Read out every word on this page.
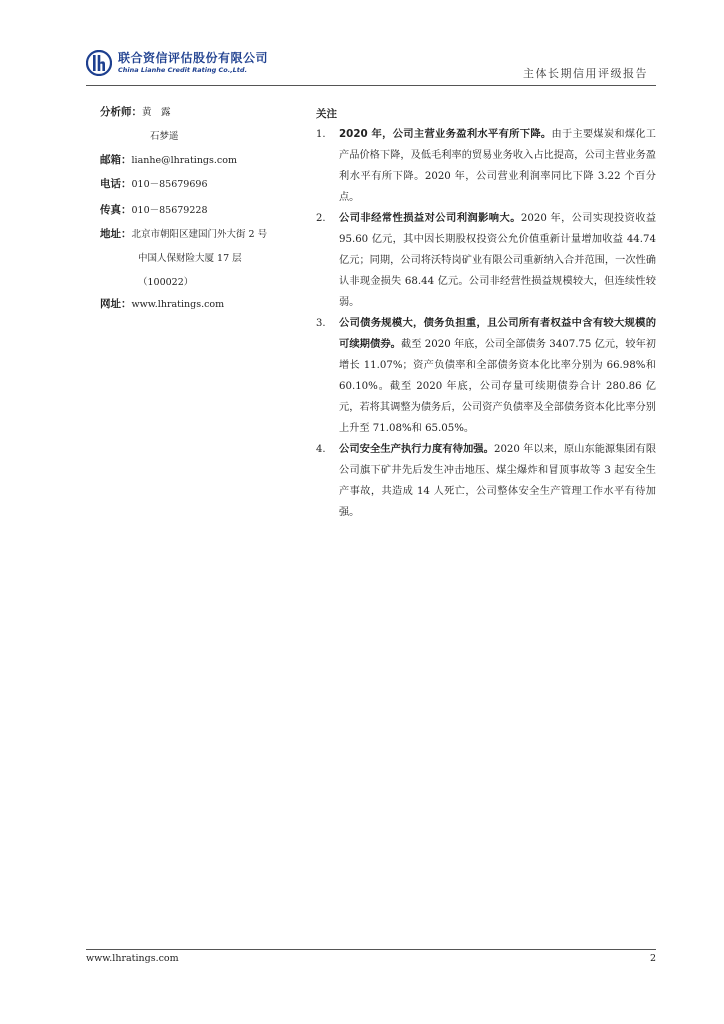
联合资信评估股份有限公司
China Lianhe Credit Rating Co.,Ltd.	主体长期信用评级报告
分析师：黄　露
石梦遥
邮箱：lianhe@lhratings.com
电话：010－85679696
传真：010－85679228
地址：北京市朝阳区建国门外大街 2 号
中国人保财险大厦 17 层
（100022）
网址：www.lhratings.com
关注
1. 2020 年，公司主营业务盈利水平有所下降。由于主要煤炭和煤化工产品价格下降，及低毛利率的贸易业务收入占比提高，公司主营业务盈利水平有所下降。2020 年，公司营业利润率同比下降 3.22 个百分点。
2. 公司非经常性损益对公司利润影响大。2020 年，公司实现投资收益 95.60 亿元，其中因长期股权投资公允价值重新计量增加收益 44.74 亿元；同期，公司将沃特岗矿业有限公司重新纳入合并范围，一次性确认非现金损失 68.44 亿元。公司非经营性损益规模较大，但连续性较弱。
3. 公司债务规模大，债务负担重，且公司所有者权益中含有较大规模的可续期债券。截至 2020 年底，公司全部债务 3407.75 亿元，较年初增长 11.07%；资产负债率和全部债务资本化比率分别为 66.98%和 60.10%。截至 2020 年底，公司存量可续期债券合计 280.86 亿元，若将其调整为债务后，公司资产负债率及全部债务资本化比率分别上升至 71.08%和 65.05%。
4. 公司安全生产执行力度有待加强。2020 年以来，原山东能源集团有限公司旗下矿井先后发生冲击地压、煤尘爆炸和冒顶事故等 3 起安全生产事故，共造成 14 人死亡，公司整体安全生产管理工作水平有待加强。
www.lhratings.com	2
